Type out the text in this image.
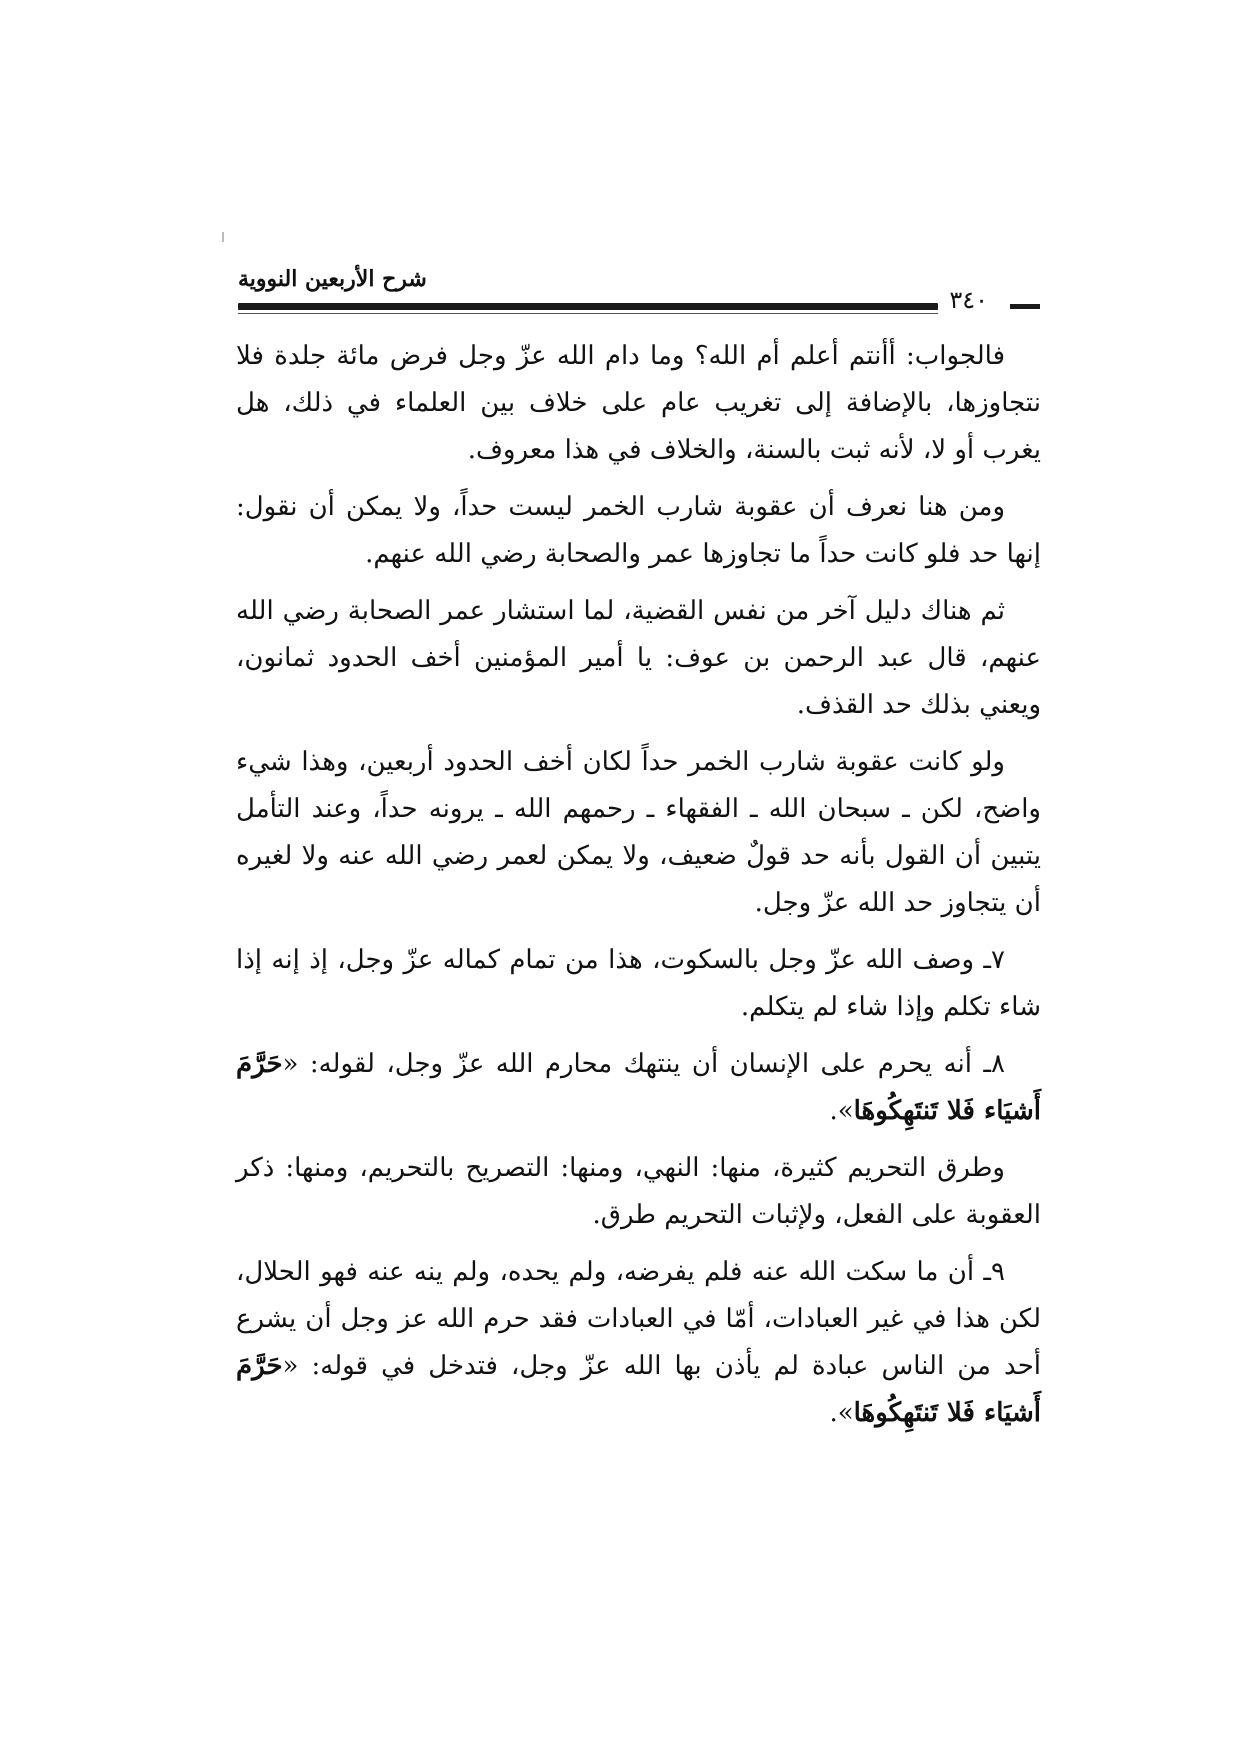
شرح الأربعين النووية
٣٤٠

فالجواب: أأنتم أعلم أم الله؟ وما دام الله عزّ وجل فرض مائة جلدة فلا نتجاوزها، بالإضافة إلى تغريب عام على خلاف بين العلماء في ذلك، هل يغرب أو لا، لأنه ثبت بالسنة، والخلاف في هذا معروف.

ومن هنا نعرف أن عقوبة شارب الخمر ليست حداً، ولا يمكن أن نقول: إنها حد فلو كانت حداً ما تجاوزها عمر والصحابة رضي الله عنهم.

ثم هناك دليل آخر من نفس القضية، لما استشار عمر الصحابة رضي الله عنهم، قال عبد الرحمن بن عوف: يا أمير المؤمنين أخف الحدود ثمانون، ويعني بذلك حد القذف.

ولو كانت عقوبة شارب الخمر حداً لكان أخف الحدود أربعين، وهذا شيء واضح، لكن ـ سبحان الله ـ الفقهاء ـ رحمهم الله ـ يرونه حداً، وعند التأمل يتبين أن القول بأنه حد قولٌ ضعيف، ولا يمكن لعمر رضي الله عنه ولا لغيره أن يتجاوز حد الله عزّ وجل.

٧ـ وصف الله عزّ وجل بالسكوت، هذا من تمام كماله عزّ وجل، إذ إنه إذا شاء تكلم وإذا شاء لم يتكلم.

٨ـ أنه يحرم على الإنسان أن ينتهك محارم الله عزّ وجل، لقوله: «حَرَّمَ أَشيَاء فَلا تَنتَهِكُوهَا».

وطرق التحريم كثيرة، منها: النهي، ومنها: التصريح بالتحريم، ومنها: ذكر العقوبة على الفعل، ولإثبات التحريم طرق.

٩ـ أن ما سكت الله عنه فلم يفرضه، ولم يحده، ولم ينه عنه فهو الحلال، لكن هذا في غير العبادات، أمّا في العبادات فقد حرم الله عز وجل أن يشرع أحد من الناس عبادة لم يأذن بها الله عزّ وجل، فتدخل في قوله: «حَرَّمَ أَشيَاء فَلا تَنتَهِكُوهَا».
